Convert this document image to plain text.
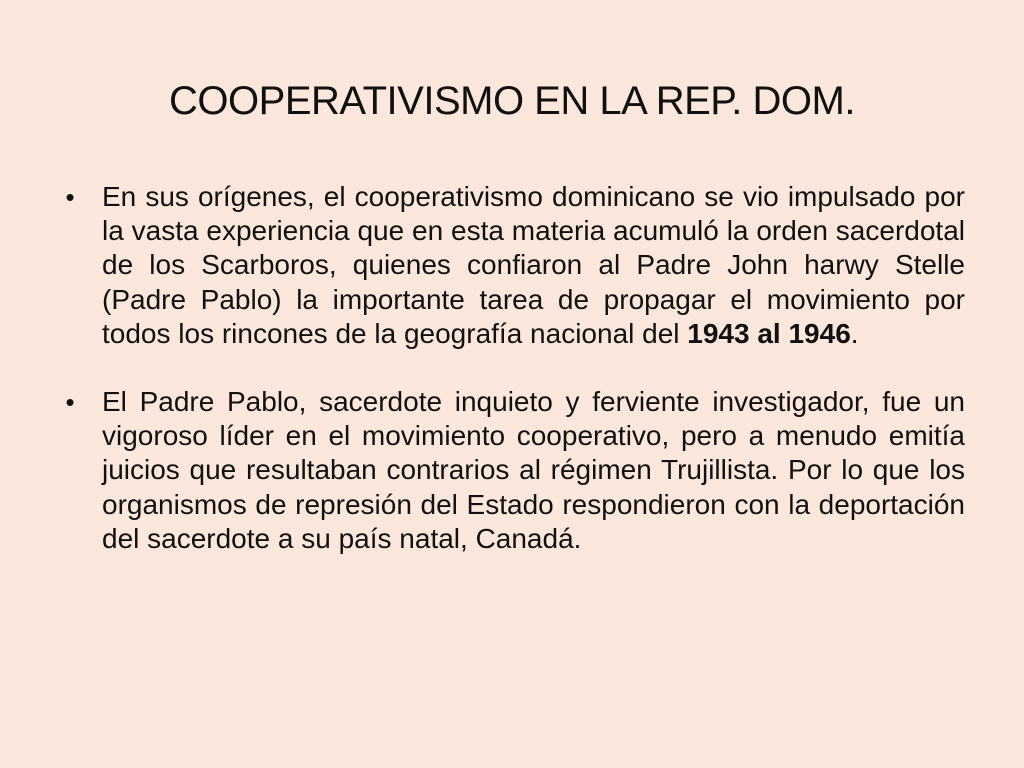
COOPERATIVISMO EN LA REP. DOM.
• En sus orígenes, el cooperativismo dominicano se vio impulsado por la vasta experiencia que en esta materia acumuló la orden sacerdotal de los Scarboros, quienes confiaron al Padre John harwy Stelle (Padre Pablo) la importante tarea de propagar el movimiento por todos los rincones de la geografía nacional del 1943 al 1946.
• El Padre Pablo, sacerdote inquieto y ferviente investigador, fue un vigoroso líder en el movimiento cooperativo, pero a menudo emitía juicios que resultaban contrarios al régimen Trujillista. Por lo que los organismos de represión del Estado respondieron con la deportación del sacerdote a su país natal, Canadá.
